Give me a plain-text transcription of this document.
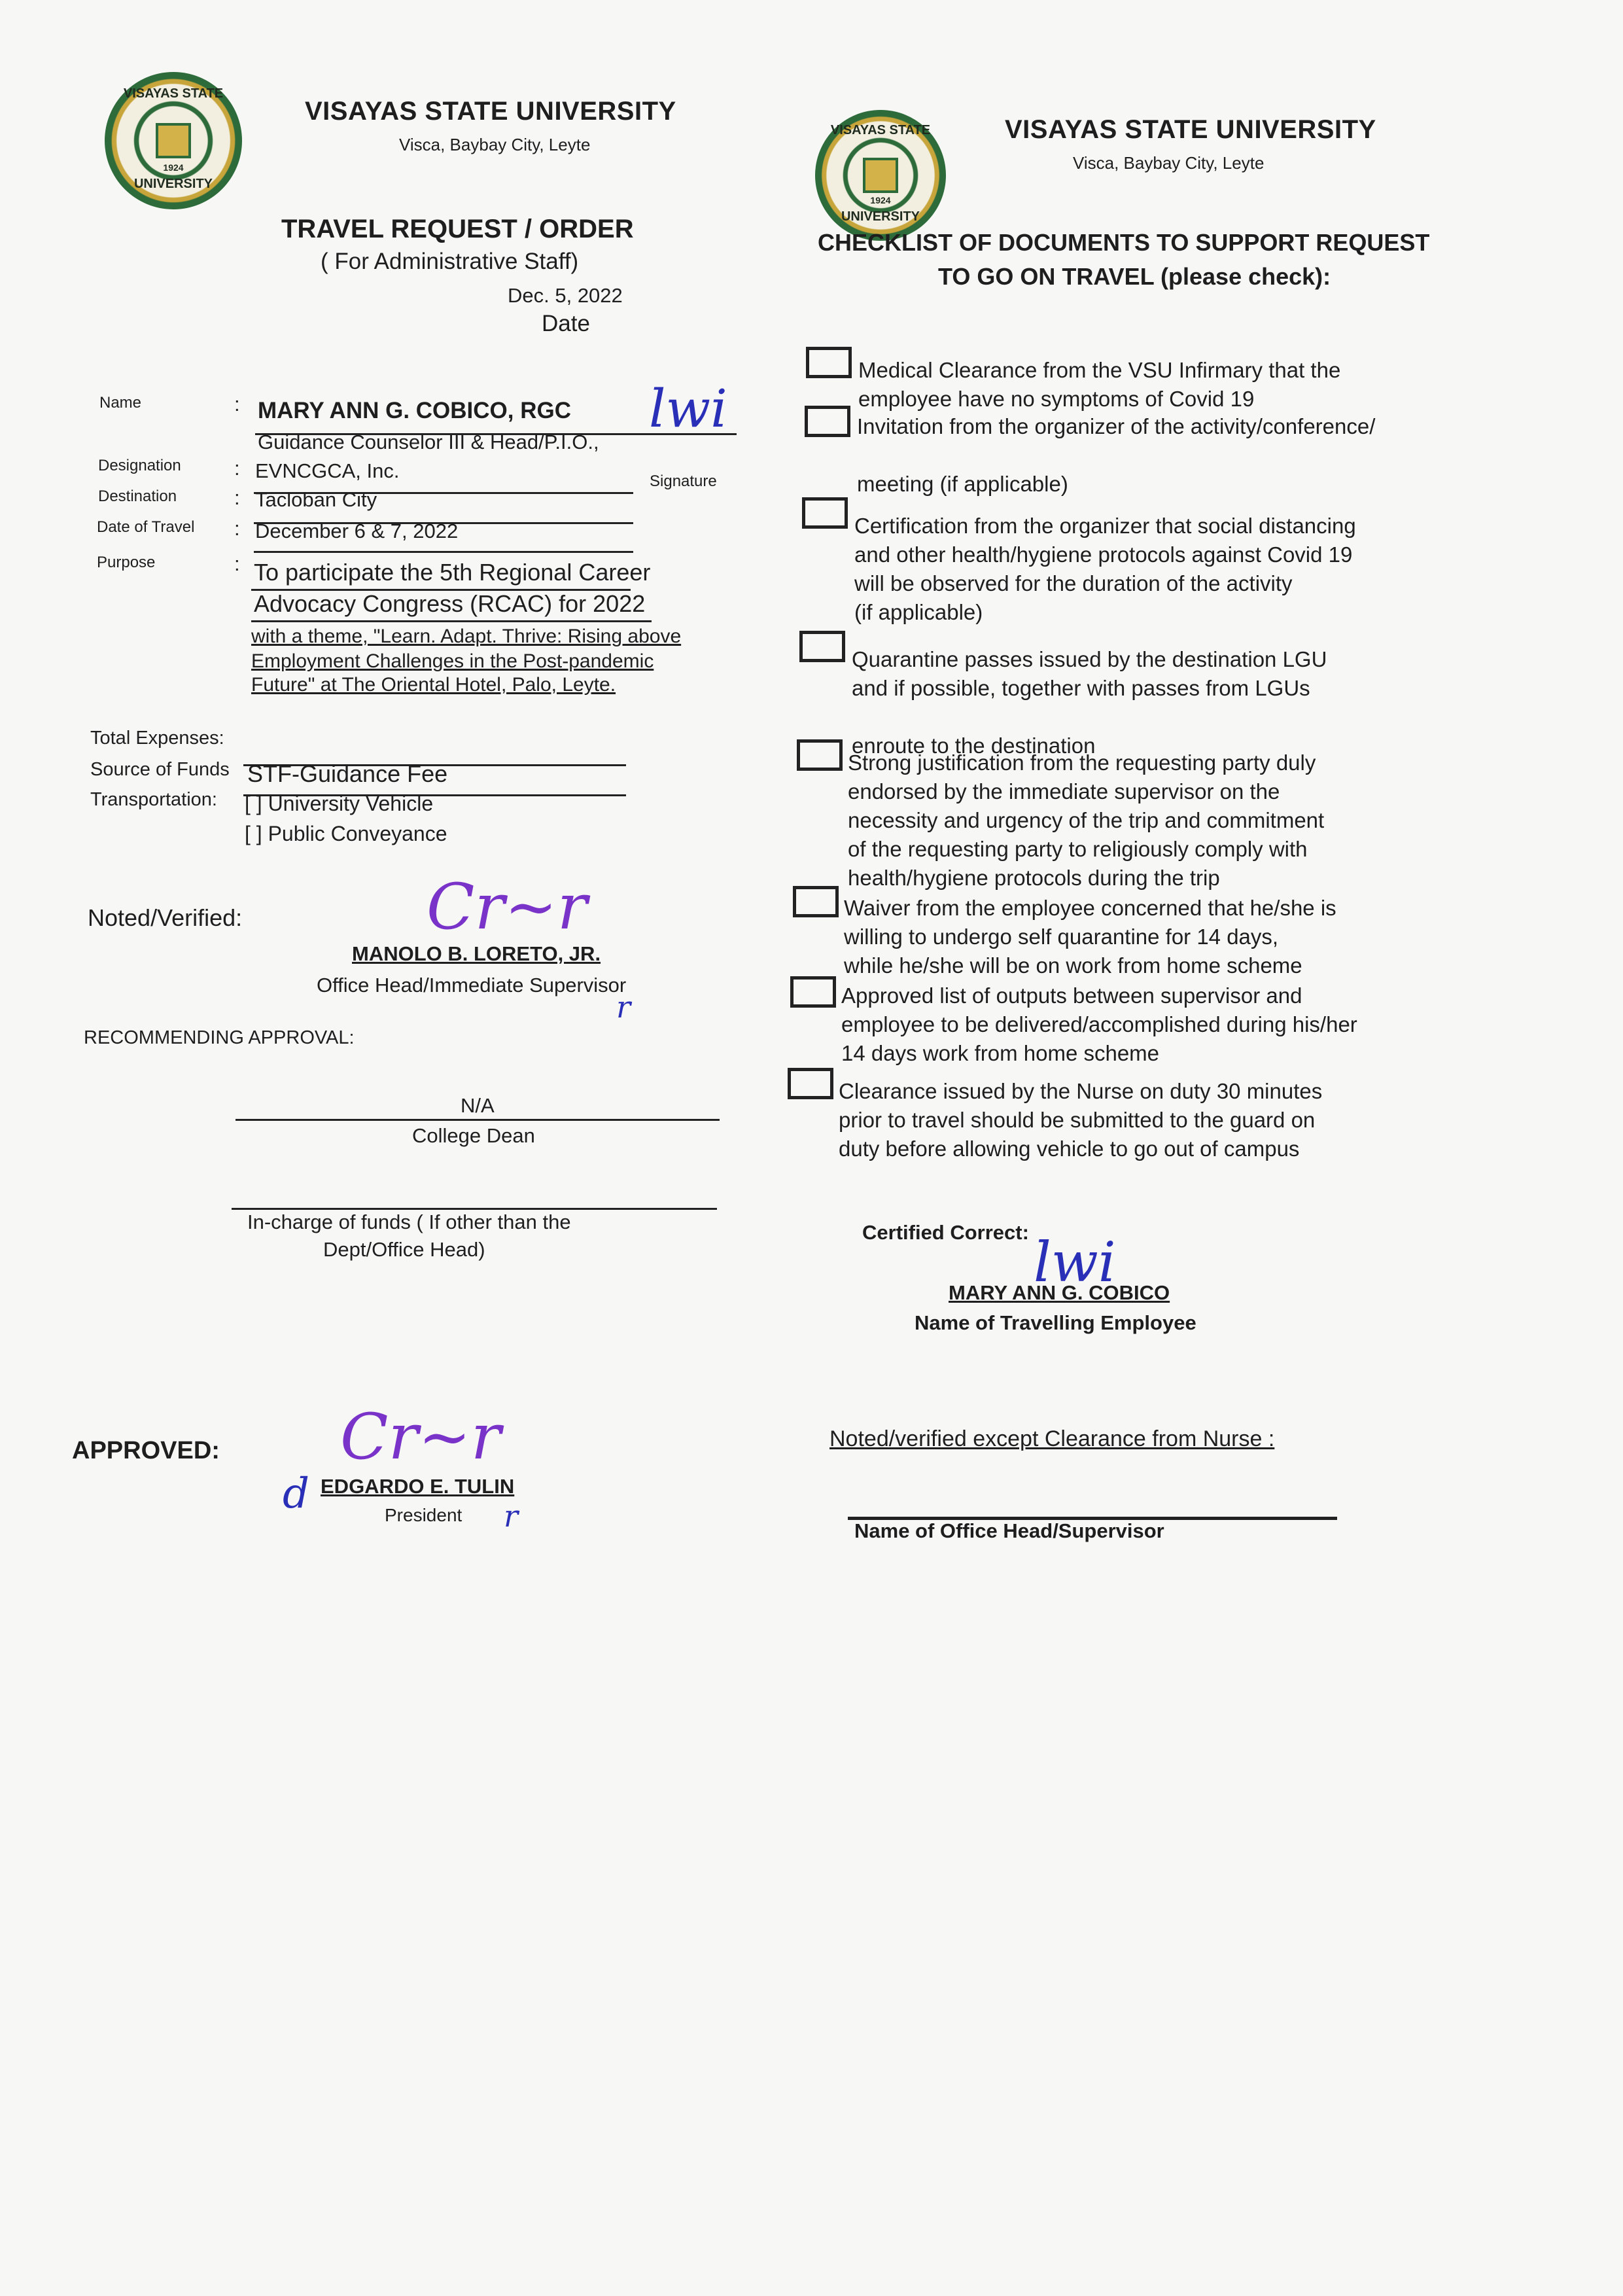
VISAYAS STATE
UNIVERSITY
1924
VISAYAS STATE UNIVERSITY
Visca, Baybay City, Leyte
TRAVEL REQUEST / ORDER
( For Administrative Staff)
Dec. 5, 2022
Date
Name	: MARY ANN G. COBICO, RGC lwi
Signature
Guidance Counselor III & Head/P.I.O.,
Designation	: EVNCGCA, Inc.
Destination	: Tacloban City
Date of Travel : December 6 & 7, 2022
Purpose	: To participate the 5th Regional Career
Advocacy Congress (RCAC) for 2022
with a theme, "Learn. Adapt. Thrive: Rising above
Employment Challenges in the Post-pandemic
Future" at The Oriental Hotel, Palo, Leyte.
Total Expenses:
Source of Funds STF-Guidance Fee
Transportation: [ ] University Vehicle
[ ] Public Conveyance
Noted/Verified:	Cr~r
MANOLO B. LORETO, JR.
Office Head/Immediate Supervisor
r
RECOMMENDING APPROVAL:
N/A
College Dean
In-charge of funds ( If other than the
Dept/Office Head)
APPROVED: Cr~r
d EDGARDO E. TULIN
President r
VISAYAS STATE
UNIVERSITY
1924
VISAYAS STATE UNIVERSITY
Visca, Baybay City, Leyte
CHECKLIST OF DOCUMENTS TO SUPPORT REQUEST
TO GO ON TRAVEL (please check):
Medical Clearance from the VSU Infirmary that the
employee have no symptoms of Covid 19
Invitation from the organizer of the activity/conference/
meeting (if applicable)
Certification from the organizer that social distancing
and other health/hygiene protocols against Covid 19
will be observed for the duration of the activity
(if applicable)
Quarantine passes issued by the destination LGU
and if possible, together with passes from LGUs
enroute to the destination
Strong justification from the requesting party duly
endorsed by the immediate supervisor on the
necessity and urgency of the trip and commitment
of the requesting party to religiously comply with
health/hygiene protocols during the trip
Waiver from the employee concerned that he/she is
willing to undergo self quarantine for 14 days,
while he/she will be on work from home scheme
Approved list of outputs between supervisor and
employee to be delivered/accomplished during his/her
14 days work from home scheme
Clearance issued by the Nurse on duty 30 minutes
prior to travel should be submitted to the guard on
duty before allowing vehicle to go out of campus
Certified Correct: lwi
MARY ANN G. COBICO
Name of Travelling Employee
Noted/verified except Clearance from Nurse :
Name of Office Head/Supervisor
